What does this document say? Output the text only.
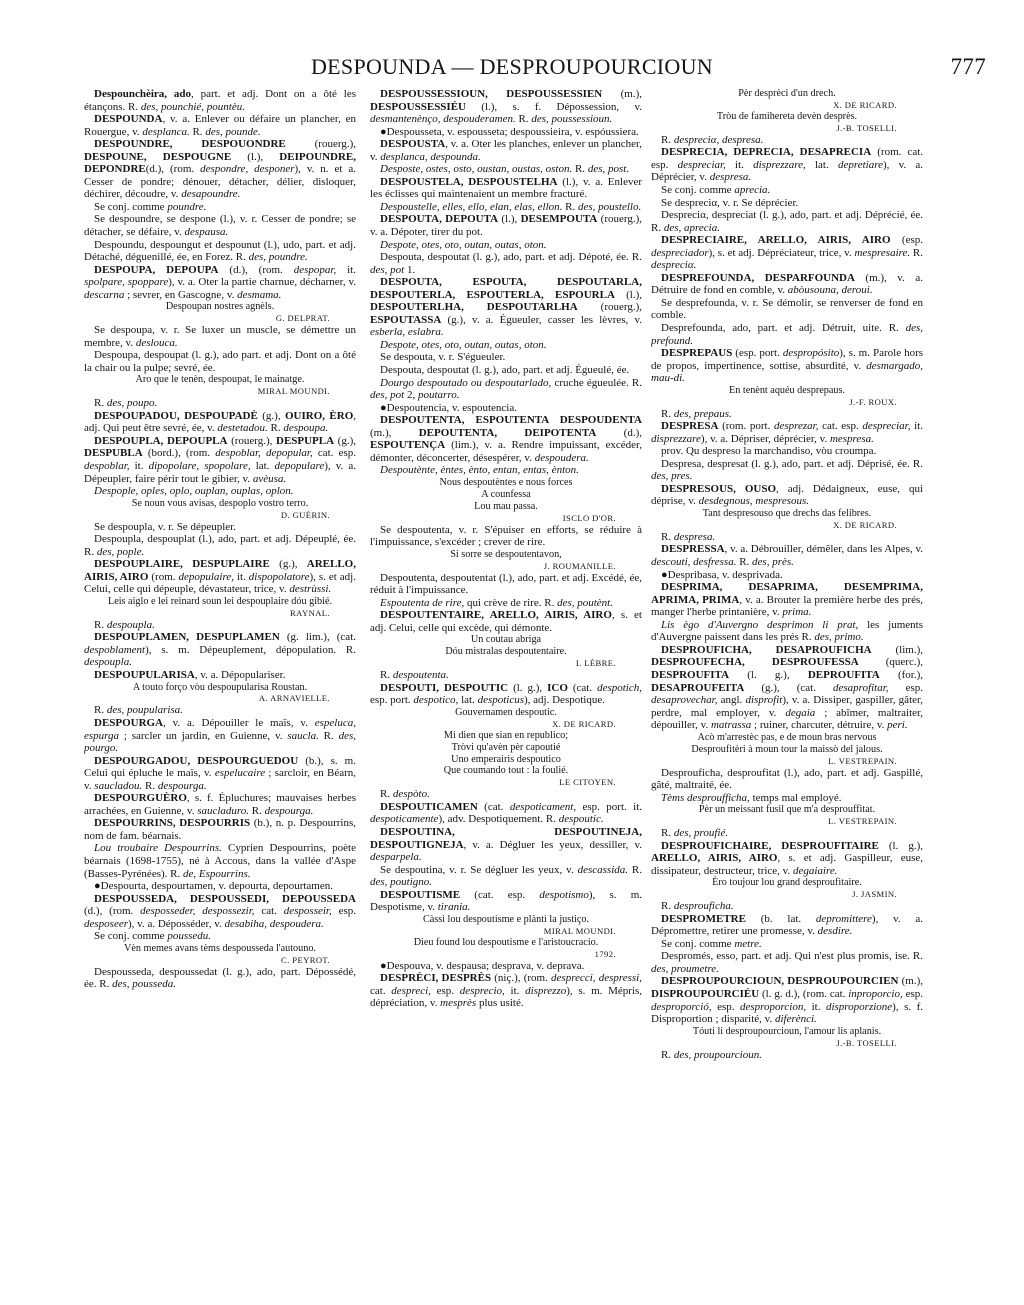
DESPOUNDA — DESPROUPOURCIOUN	777

Despounchèira, ado, part. et adj. Dont on a ôté les étançons. R. des, pounchié, pountèu.

DESPOUNDA, v. a. Enlever ou défaire un plancher, en Rouergue, v. desplanca. R. des, pounde.

DESPOUNDRE, DESPOUONDRE (rouerg.), DESPOUNE, DESPOUGNE (l.), DEIPOUNDRE, DEPONDRE(d.), (rom. despondre, desponer), v. n. et a. Cesser de pondre; dénouer, détacher, délier, disloquer, déchirer, découdre, v. desapoundre.

Se conj. comme poundre.

Se despoundre, se despone (l.), v. r. Cesser de pondre; se détacher, se défaire, v. despausa.

Despoundu, despoungut et despounut (l.), udo, part. et adj. Détaché, déguenillé, ée, en Forez. R. des, poundre.

DESPOUPA, DEPOUPA (d.), (rom. despopar, it. spolpare, spoppare), v. a. Oter la partie charnue, décharner, v. descarna ; sevrer, en Gascogne, v. desmama.

Despoupan nostres agnèls.

G. DELPRAT.

Se despoupa, v. r. Se luxer un muscle, se démettre un membre, v. deslouca.

Despoupa, despoupat (l. g.), ado part. et adj. Dont on a ôté la chair ou la pulpe; sevré, ée.

Aro que le tenèn, despoupat, le mainatge.

MIRAL MOUNDI.

R. des, poupo.

DESPOUPADOU, DESPOUPADÈ (g.), OUIRO, ÈRO, adj. Qui peut être sevré, ée, v. destetadou. R. despoupa.

DESPOUPLA, DEPOUPLA (rouerg.), DESPUPLA (g.), DESPUBLA (bord.), (rom. despoblar, depopular, cat. esp. despoblar, it. dipopolare, spopolare, lat. depopulare), v. a. Dépeupler, faire périr tout le gibier, v. avèusa.

Despople, oples, oplo, ouplan, ouplas, oplon.

Se noun vous avisas, despoplo vostro terro.

D. GUÉRIN.

Se despoupla, v. r. Se dépeupler.

Despoupla, despouplat (l.), ado, part. et adj. Dépeuplé, ée. R. des, pople.

DESPOUPLAIRE, DESPUPLAIRE (g.), ARELLO, AIRIS, AIRO (rom. depopulaire, it. dispopolatore), s. et adj. Celui, celle qui dépeuple, dévastateur, trice, v. destrùssi.

Leis aiglo e lei reinard soun lei despouplaire dóu gibié.

RAYNAL.

R. despoupla.

DESPOUPLAMEN, DESPUPLAMEN (g. lim.), (cat. despoblament), s. m. Dépeuplement, dépopulation. R. despoupla.

DESPOUPULARISA, v. a. Dépopulariser.

A touto forço vòu despoupularisa Roustan.

A. ARNAVIELLE.

R. des, poupularisa.

DESPOURGA, v. a. Dépouiller le maïs, v. espeluca, espurga ; sarcler un jardin, en Guienne, v. saucla. R. des, pourgo.

DESPOURGADOU, DESPOURGUEDOU (b.), s. m. Celui qui épluche le maïs, v. espelucaire ; sarcloir, en Béarn, v. saucladou. R. despourga.

DESPOURGUÈRO, s. f. Épluchures; mauvaises herbes arrachées, en Guienne, v. saucladuro. R. despourga.

DESPOURRINS, DESPOURRIS (b.), n. p. Despourrins, nom de fam. béarnais.

Lou troubaire Despourrins. Cyprien Despourrins, poète béarnais (1698-1755), né à Accous, dans la vallée d'Aspe (Basses-Pyrénées). R. de, Espourrins.

●Despourta, despourtamen, v. depourta, depourtamen.

DESPOUSSEDA, DESPOUSSEDI, DEPOUSSEDA (d.), (rom. desposseder, despossezir, cat. desposseir, esp. desposeer), v. a. Déposséder, v. desabiha, despoudera.

Se conj. comme poussedu.

Vèn memes avans tèms despousseda l'autouno.

C. PEYROT.

Despousseda, despoussedat (l. g.), ado, part. Dépossédé, ée. R. des, pousseda.

DESPOUSSESSIOUN, DESPOUSSESSIEN (m.), DESPOUSSESSIÉU (l.), s. f. Dépossession, v. desmantenènço, despouderamen. R. des, poussessioun.

●Despousseta, v. espousseta; despoussieira, v. espóussiera.

DESPOUSTA, v. a. Oter les planches, enlever un plancher, v. desplanca, despounda.

Desposte, ostes, osto, oustan, oustas, oston. R. des, post.

DESPOUSTELA, DESPOUSTELHA (l.), v. a. Enlever les éclisses qui maintenaient un membre fracturé.

Despoustelle, elles, ello, elan, elas, ellon. R. des, poustello.

DESPOUTA, DEPOUTA (l.), DESEMPOUTA (rouerg.), v. a. Dépoter, tirer du pot.

Despote, otes, oto, outan, outas, oton.

Despouta, despoutat (l. g.), ado, part. et adj. Dépoté, ée. R. des, pot 1.

DESPOUTA, ESPOUTA, DESPOUTARLA, DESPOUTERLA, ESPOUTERLA, ESPOURLA (l.), DESPOUTERLHA, DESPOUTARLHA (rouerg.), ESPOUTASSA (g.), v. a. Égueuler, casser les lèvres, v. esberla, eslabra.

Despote, otes, oto, outan, outas, oton.

Se despouta, v. r. S'égueuler.

Despouta, despoutat (l. g.), ado, part. et adj. Égueulé, ée.

Dourgo despoutado ou despoutarlado, cruche égueulée. R. des, pot 2, poutarro.

●Despoutencia, v. espoutencia.

DESPOUTENTA, ESPOUTENTA DESPOUDENTA (m.), DEPOUTENTA, DEIPOTENTA (d.), ESPOUTENÇA (lim.), v. a. Rendre impuissant, excéder, démonter, déconcerter, désespérer, v. despoudera.

Despoutènte, èntes, ènto, entan, entas, ènton.

Nous despoutèntes e nous forces

A counfessa

Lou mau passa.

ISCLO D'OR.

Se despoutenta, v. r. S'épuiser en efforts, se réduire à l'impuissance, s'excéder ; crever de rire.

Si sorre se despoutentavon,

J. ROUMANILLE.

Despoutenta, despoutentat (l.), ado, part. et adj. Excédé, ée, réduit à l'impuissance.

Espoutenta de rire, qui crève de rire. R. des, poutènt.

DESPOUTENTAIRE, ARELLO, AIRIS, AIRO, s. et adj. Celui, celle qui excède, qui démonte.

Un coutau abriga

Dóu mistralas despoutentaire.

I. LÈBRE.

R. despoutenta.

DESPOUTI, DESPOUTIC (l. g.), ICO (cat. despotich, esp. port. despotico, lat. despoticus), adj. Despotique.

Gouvernamen despoutic.

X. DE RICARD.

Mi dien que sian en republico;

Tròvi qu'avèn pèr capoutié

Uno emperairis despoutico

Que coumando tout : la foulié.

LE CITOYEN.

R. despòto.

DESPOUTICAMEN (cat. despoticament, esp. port. it. despoticamente), adv. Despotiquement. R. despoutic.

DESPOUTINA, DESPOUTINEJA, DESPOUTIGNEJA, v. a. Dégluer les yeux, dessiller, v. desparpela.

Se despoutina, v. r. Se dégluer les yeux, v. descassida. R. des, poutigno.

DESPOUTISME (cat. esp. despotismo), s. m. Despotisme, v. tirania.

Càssi lou despoutisme e plànti la justiço.

MIRAL MOUNDI.

Dieu found lou despoutisme e l'aristoucracio.

1792.

●Despouva, v. despausa; desprava, v. deprava.

DESPRÈCI, DESPRÈS (niç.), (rom. desprecci, despressi, cat. despreci, esp. desprecio, it. disprezzo), s. m. Mépris, dépréciation, v. mesprès plus usité.

Pèr desprèci d'un drech.

X. DE RICARD.

Tròu de famihereta devèn desprès.

J.-B. TOSELLI.

R. despreciα, despresa.

DESPRECIA, DEPRECIA, DESAPRECIA (rom. cat. esp. despreciar, it. disprezzare, lat. depretiare), v. a. Déprécier, v. despresa.

Se conj. comme aprecia.

Se despreciα, v. r. Se déprécier.

Despreciα, despreciat (l. g.), ado, part. et adj. Déprécié, ée. R. des, aprecia.

DESPRECIAIRE, ARELLO, AIRIS, AIRO (esp. despreciador), s. et adj. Dépréciateur, trice, v. mespresaire. R. despreciα.

DESPREFOUNDA, DESPARFOUNDA (m.), v. a. Détruire de fond en comble, v. abòusouna, deroui.

Se desprefounda, v. r. Se démolir, se renverser de fond en comble.

Desprefounda, ado, part. et adj. Détruit, uite. R. des, prefound.

DESPREPAUS (esp. port. despropósito), s. m. Parole hors de propos, impertinence, sottise, absurdité, v. desmargado, mau-di.

En tenènt aquéu desprepaus.

J.-F. ROUX.

R. des, prepaus.

DESPRESA (rom. port. desprezar, cat. esp. despreciar, it. disprezzare), v. a. Dépriser, déprécier, v. mespresa.

prov. Qu despreso la marchandiso, vòu croumpa.

Despresa, despresat (l. g.), ado, part. et adj. Déprisé, ée. R. des, pres.

DESPRESOUS, OUSO, adj. Dédaigneux, euse, qui déprise, v. desdegnous, mespresous.

Tant despresouso que drechs das felibres.

X. DE RICARD.

R. despresa.

DESPRESSA, v. a. Débrouiller, démêler, dans les Alpes, v. descouti, desfressa. R. des, près.

●Despribasa, v. desprivada.

DESPRIMA, DESAPRIMA, DESEMPRIMA, APRIMA, PRIMA, v. a. Brouter la première herbe des prés, manger l'herbe printanière, v. prima.

Lis ègo d'Auvergno desprimon li prat, les juments d'Auvergne paissent dans les prés R. des, primo.

DESPROUFICHA, DESAPROUFICHA (lim.), DESPROUFECHA, DESPROUFESSA (querc.), DESPROUFITA (l. g.), DEPROUFITA (for.), DESAPROUFEITA (g.), (cat. desaprofitar, esp. desaprovechar, angl. disprofit), v. a. Dissiper, gaspiller, gâter, perdre, mal employer, v. degaia ; abîmer, maltraiter, dépouiller, v. matrassa ; ruiner, charcuter, détruire, v. peri.

Acò m'arrestèc pas, e de moun bras nervous

Desproufitèri à moun tour la maissò del jalous.

L. VESTREPAIN.

Desprouficha, desproufitat (l.), ado, part. et adj. Gaspillé, gâté, maltraité, ée.

Tèms desproufficha, temps mal employé.

Pèr un meissant fusil que m'a desprouffitat.

L. VESTREPAIN.

R. des, proufié.

DESPROUFICHAIRE, DESPROUFITAIRE (l. g.), ARELLO, AIRIS, AIRO, s. et adj. Gaspilleur, euse, dissipateur, destructeur, trice, v. degaiaire.

Èro toujour lou grand desproufitaire.

J. JASMIN.

R. desprouficha.

DESPROMETRE (b. lat. depromittere), v. a. Dépromettre, retirer une promesse, v. desdire.

Se conj. comme metre.

Despromés, esso, part. et adj. Qui n'est plus promis, ise. R. des, proumetre.

DESPROUPOURCIOUN, DESPROUPOURCIEN (m.), DISPROUPOURCIÉU (l. g. d.), (rom. cat. inproporcio, esp. desproporció, esp. desproporcion, it. disproporzione), s. f. Disproportion ; disparité, v. diferènci.

Tóuti li desproupourcioun, l'amour lis aplanis.

J.-B. TOSELLI.

R. des, proupourcioun.
